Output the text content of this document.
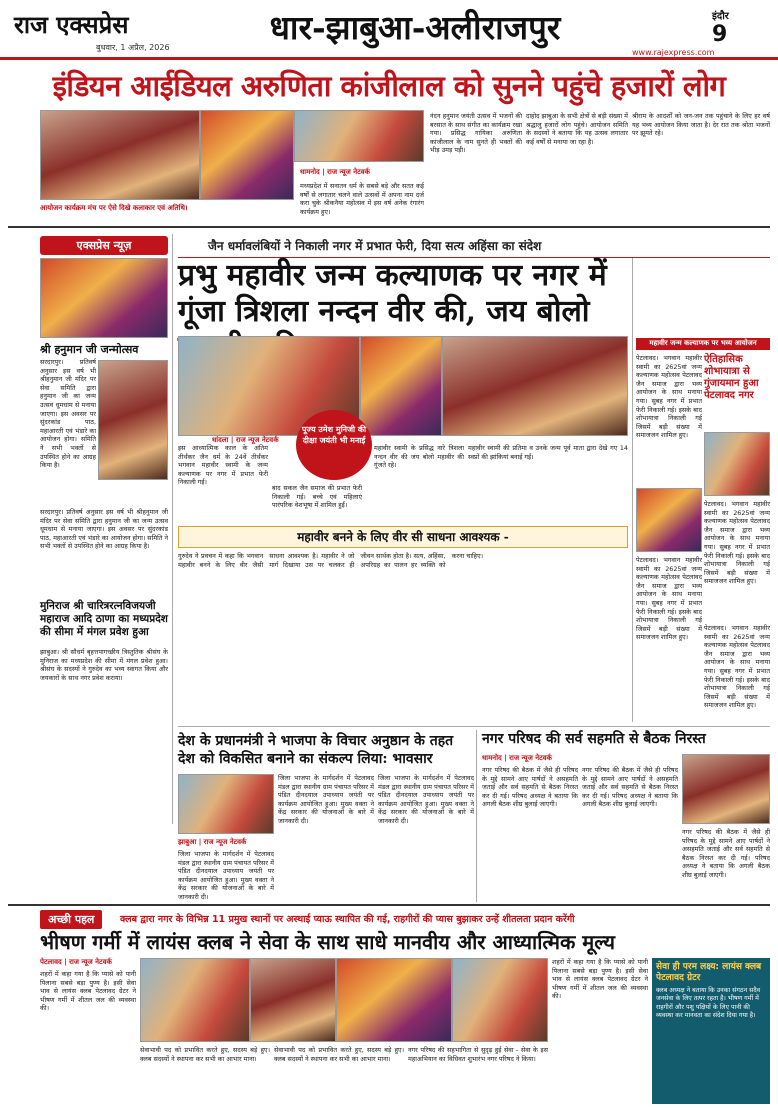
राज एक्सप्रेस
बुधवार, 1 अप्रैल, 2026
धार-झाबुआ-अलीराजपुर	इंदौर
9
www.rajexpress.com
इंडियन आईडियल अरुणिता कांजीलाल को सुनने पहुंचे हजारों लोग
आयोजन कार्यक्रम मंच पर ऐसे दिखे कलाकार एवं अतिथि।
धामनोद | राज न्यूज नेटवर्क
मध्यप्रदेश में सनातन धर्म के सबसे बड़े और सतत कई वर्षों से लगातार चलने वाले उत्सवों में अपना नाम दर्ज करा चुके श्रीकनैया महोत्सव में इस वर्ष अनेक रंगारंग कार्यक्रम हुए।
नंदन हनुमान जयंती उत्सव में भजनों की बरसात के साथ संगीत का कार्यक्रम रखा गया। प्रसिद्ध गायिका अरुणिता कांजीलाल के नाम सुनते ही भक्तों की भीड़ उमड़ पड़ी।
दाहोद झाबुआ के सभी क्षेत्रों से बड़ी संख्या में श्रद्धालु हजारों लोग पहुंचे। आयोजन समिति के सदस्यों ने बताया कि यह उत्सव लगातार कई वर्षों से मनाया जा रहा है।
श्रीराम के आदर्शों को जन-जन तक पहुंचाने के लिए हर वर्ष यह भव्य आयोजन किया जाता है। देर रात तक श्रोता भजनों पर झूमते रहे।
एक्सप्रेस न्यूज़
श्री हनुमान जी जन्मोत्सव
सरदारपुर। प्रतिवर्ष अनुसार इस वर्ष भी श्रीहनुमान जी मंदिर पर सेवा समिति द्वारा हनुमान जी का जन्म उत्सव धूमधाम से मनाया जाएगा। इस अवसर पर सुंदरकांड पाठ, महाआरती एवं भंडारे का आयोजन होगा। समिति ने सभी भक्तों से उपस्थित होने का आग्रह किया है।
सरदारपुर। प्रतिवर्ष अनुसार इस वर्ष भी श्रीहनुमान जी मंदिर पर सेवा समिति द्वारा हनुमान जी का जन्म उत्सव धूमधाम से मनाया जाएगा। इस अवसर पर सुंदरकांड पाठ, महाआरती एवं भंडारे का आयोजन होगा। समिति ने सभी भक्तों से उपस्थित होने का आग्रह किया है।
मुनिराज श्री चारित्ररत्नविजयजी महाराज आदि ठाणा का मध्यप्रदेश की सीमा में मंगल प्रवेश हुआ
झाबुआ। श्री सौधर्म बृहत्तपागच्छीय त्रिस्तुतिक श्रीसंघ के मुनिराज का मध्यप्रदेश की सीमा में मंगल प्रवेश हुआ। श्रीसंघ के सदस्यों ने गुरुदेव का भव्य स्वागत किया और जयकारों के साथ नगर प्रवेश कराया।
जैन धर्मावलंबियों ने निकाली नगर में प्रभात फेरी, दिया सत्य अहिंसा का संदेश
प्रभु महावीर जन्म कल्याणक पर नगर में गूंजा त्रिशला नन्दन वीर की, जय बोलो
पूज्य उमेश मुनिजी की दीक्षा जयंती भी मनाई
धांदला | राज न्यूज नेटवर्क
इस आध्यात्मिक काल के अंतिम तीर्थंकर जैन धर्म के 24वें तीर्थंकर भगवान महावीर स्वामी के जन्म कल्याणक पर नगर में प्रभात फेरी निकाली गई।
बाद सकल जैन समाज की प्रभात फेरी निकाली गई। बच्चे एवं महिलाएं पारंपरिक वेशभूषा में शामिल हुईं।
महावीर स्वामी के प्रसिद्ध नारे त्रिशला नन्दन वीर की जय बोलो महावीर की गूंजते रहे।
महावीर स्वामी की प्रतिमा व उनके जन्म पूर्व माता द्वारा देखे गए 14 स्वप्नों की झांकियां बनाई गईं।
महावीर बनने के लिए वीर सी साधना आवश्यक -
गुरुदेव ने प्रवचन में कहा कि भगवान महावीर बनने के लिए वीर जैसी साधना आवश्यक है। महावीर ने जो मार्ग दिखाया उस पर चलकर ही जीवन सार्थक होता है। सत्य, अहिंसा, अपरिग्रह का पालन हर व्यक्ति को करना चाहिए।
महावीर जन्म कल्याणक पर भव्य आयोजन
पेटलावद। भगवान महावीर स्वामी का 2625वां जन्म कल्याणक महोत्सव पेटलावद जैन समाज द्वारा भव्य आयोजन के साथ मनाया गया। सुबह नगर में प्रभात फेरी निकाली गई। इसके बाद शोभायात्रा निकाली गई जिसमें बड़ी संख्या में समाजजन शामिल हुए।
ऐतिहासिक शोभायात्रा से गुंजायमान हुआ पेटलावद नगर
पेटलावद। भगवान महावीर स्वामी का 2625वां जन्म कल्याणक महोत्सव पेटलावद जैन समाज द्वारा भव्य आयोजन के साथ मनाया गया। सुबह नगर में प्रभात फेरी निकाली गई। इसके बाद शोभायात्रा निकाली गई जिसमें बड़ी संख्या में समाजजन शामिल हुए।
पेटलावद। भगवान महावीर स्वामी का 2625वां जन्म कल्याणक महोत्सव पेटलावद जैन समाज द्वारा भव्य आयोजन के साथ मनाया गया। सुबह नगर में प्रभात फेरी निकाली गई। इसके बाद शोभायात्रा निकाली गई जिसमें बड़ी संख्या में समाजजन शामिल हुए।
पेटलावद। भगवान महावीर स्वामी का 2625वां जन्म कल्याणक महोत्सव पेटलावद जैन समाज द्वारा भव्य आयोजन के साथ मनाया गया। सुबह नगर में प्रभात फेरी निकाली गई। इसके बाद शोभायात्रा निकाली गई जिसमें बड़ी संख्या में समाजजन शामिल हुए।
देश के प्रधानमंत्री ने भाजपा के विचार अनुष्ठान के तहत देश को विकसित बनाने का संकल्प लिया: भावसार
झाबुआ | राज न्यूज नेटवर्क
जिला भाजपा के मार्गदर्शन में पेटलावद मंडल द्वारा स्थानीय ग्राम पंचायत परिसर में पंडित दीनदयाल उपाध्याय जयंती पर कार्यक्रम आयोजित हुआ। मुख्य वक्ता ने केंद्र सरकार की योजनाओं के बारे में जानकारी दी।
जिला भाजपा के मार्गदर्शन में पेटलावद मंडल द्वारा स्थानीय ग्राम पंचायत परिसर में पंडित दीनदयाल उपाध्याय जयंती पर कार्यक्रम आयोजित हुआ। मुख्य वक्ता ने केंद्र सरकार की योजनाओं के बारे में जानकारी दी।
जिला भाजपा के मार्गदर्शन में पेटलावद मंडल द्वारा स्थानीय ग्राम पंचायत परिसर में पंडित दीनदयाल उपाध्याय जयंती पर कार्यक्रम आयोजित हुआ। मुख्य वक्ता ने केंद्र सरकार की योजनाओं के बारे में जानकारी दी।
नगर परिषद की सर्व सहमति से बैठक निरस्त
धामनोद | राज न्यूज नेटवर्क
नगर परिषद की बैठक में जैसे ही परिषद के मुद्दे सामने आए पार्षदों ने असहमति जताई और सर्व सहमति से बैठक निरस्त कर दी गई। परिषद अध्यक्ष ने बताया कि अगली बैठक शीघ्र बुलाई जाएगी।
नगर परिषद की बैठक में जैसे ही परिषद के मुद्दे सामने आए पार्षदों ने असहमति जताई और सर्व सहमति से बैठक निरस्त कर दी गई। परिषद अध्यक्ष ने बताया कि अगली बैठक शीघ्र बुलाई जाएगी।
नगर परिषद की बैठक में जैसे ही परिषद के मुद्दे सामने आए पार्षदों ने असहमति जताई और सर्व सहमति से बैठक निरस्त कर दी गई। परिषद अध्यक्ष ने बताया कि अगली बैठक शीघ्र बुलाई जाएगी।
अच्छी पहल	क्लब द्वारा नगर के विभिन्न 11 प्रमुख स्थानों पर अस्थाई प्याऊ स्थापित की गई, राहगीरों की प्यास बुझाकर उन्हें शीतलता प्रदान करेंगी
भीषण गर्मी में लायंस क्लब ने सेवा के साथ साधे मानवीय और आध्यात्मिक मूल्य
पेटलावद | राज न्यूज नेटवर्क
शहरों में कहा गया है कि प्यासे को पानी पिलाना सबसे बड़ा पुण्य है। इसी सेवा भाव से लायंस क्लब पेटलावद ग्रेटर ने भीषण गर्मी में शीतल जल की व्यवस्था की।
सेवाभावी पद को प्रभावित करते हुए, सदस्य बड़े हुए। क्लब सदस्यों ने स्थापना कर सभी का आभार माना।
सेवाभावी पद को प्रभावित करते हुए, सदस्य बड़े हुए। क्लब सदस्यों ने स्थापना कर सभी का आभार माना।
नगर परिषद की सहभागिता से सुदृढ़ हुई सेवा - सेवा के इस महाअभियान का विधिवत शुभारंभ नगर परिषद ने किया।
शहरों में कहा गया है कि प्यासे को पानी पिलाना सबसे बड़ा पुण्य है। इसी सेवा भाव से लायंस क्लब पेटलावद ग्रेटर ने भीषण गर्मी में शीतल जल की व्यवस्था की।
सेवा ही परम लक्ष्य: लायंस क्लब पेटलावद ग्रेटर
क्लब अध्यक्ष ने बताया कि उनका संगठन सदैव जनसेवा के लिए तत्पर रहता है। भीषण गर्मी में राहगीरों और पशु पक्षियों के लिए पानी की व्यवस्था कर मानवता का संदेश दिया गया है।
